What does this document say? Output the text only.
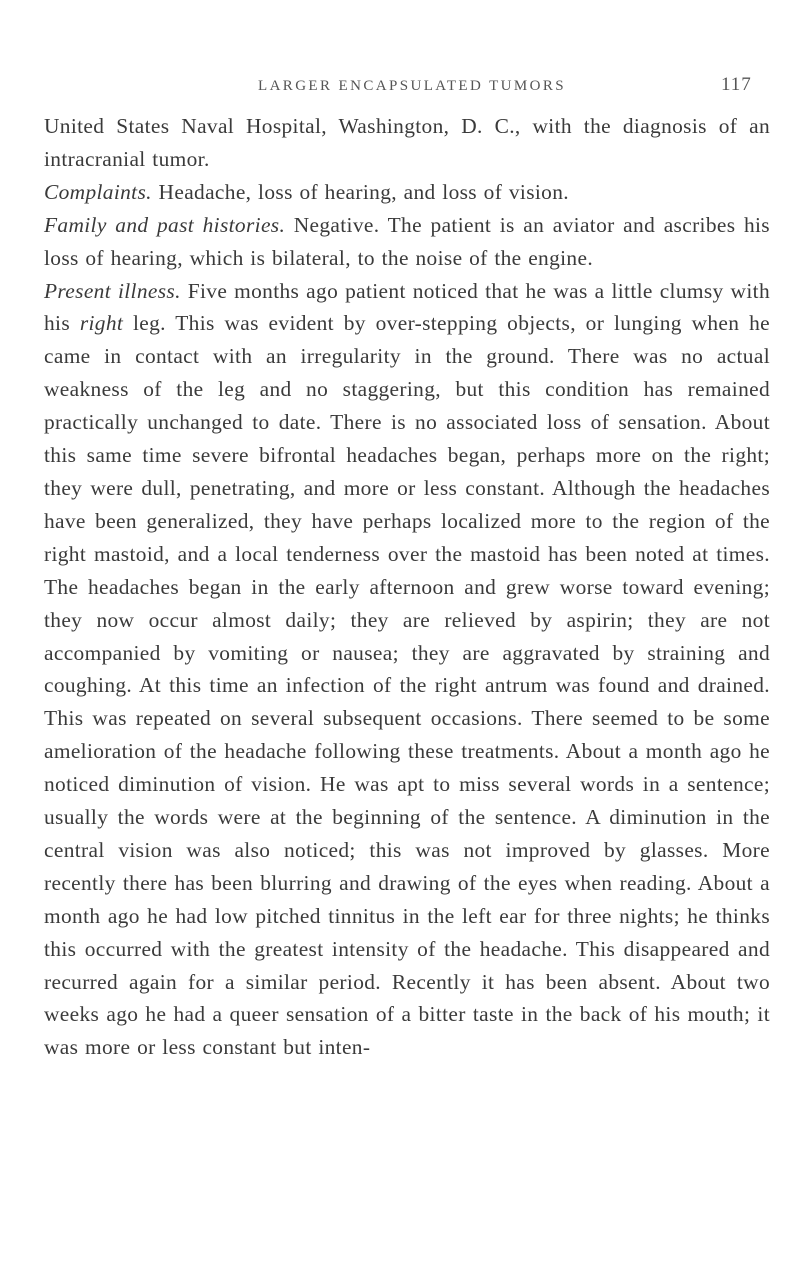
LARGER ENCAPSULATED TUMORS	117

United States Naval Hospital, Washington, D. C., with the diagnosis of an intracranial tumor.

Complaints. Headache, loss of hearing, and loss of vision.

Family and past histories. Negative. The patient is an aviator and ascribes his loss of hearing, which is bilateral, to the noise of the engine.

Present illness. Five months ago patient noticed that he was a little clumsy with his right leg. This was evident by over-stepping objects, or lunging when he came in contact with an irregularity in the ground. There was no actual weakness of the leg and no staggering, but this condition has remained practically unchanged to date. There is no associated loss of sensation. About this same time severe bifrontal headaches began, perhaps more on the right; they were dull, penetrating, and more or less constant. Although the headaches have been generalized, they have perhaps localized more to the region of the right mastoid, and a local tenderness over the mastoid has been noted at times. The headaches began in the early afternoon and grew worse toward evening; they now occur almost daily; they are relieved by aspirin; they are not accompanied by vomiting or nausea; they are aggravated by straining and coughing. At this time an infection of the right antrum was found and drained. This was repeated on several subsequent occasions. There seemed to be some amelioration of the headache following these treatments. About a month ago he noticed diminution of vision. He was apt to miss several words in a sentence; usually the words were at the beginning of the sentence. A diminution in the central vision was also noticed; this was not improved by glasses. More recently there has been blurring and drawing of the eyes when reading. About a month ago he had low pitched tinnitus in the left ear for three nights; he thinks this occurred with the greatest intensity of the headache. This disappeared and recurred again for a similar period. Recently it has been absent. About two weeks ago he had a queer sensation of a bitter taste in the back of his mouth; it was more or less constant but inten-
